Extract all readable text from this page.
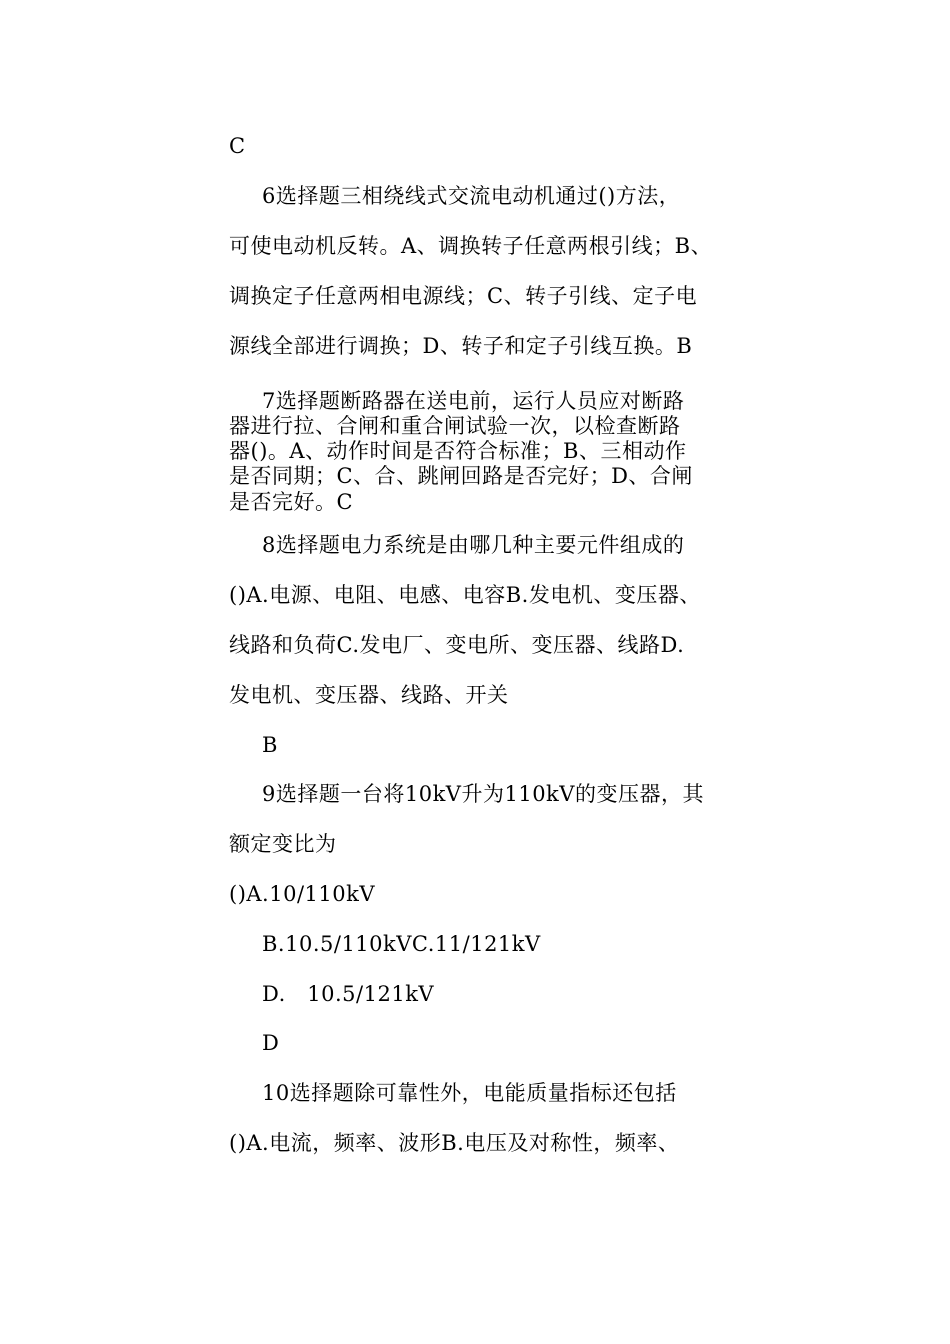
C
6选择题三相绕线式交流电动机通过()方法，
可使电动机反转。A、调换转子任意两根引线；B、
调换定子任意两相电源线；C、转子引线、定子电
源线全部进行调换；D、转子和定子引线互换。B
7选择题断路器在送电前，运行人员应对断路
器进行拉、合闸和重合闸试验一次，以检查断路
器()。A、动作时间是否符合标准；B、三相动作
是否同期；C、合、跳闸回路是否完好；D、合闸
是否完好。C
8选择题电力系统是由哪几种主要元件组成的
()A.电源、电阻、电感、电容B.发电机、变压器、
线路和负荷C.发电厂、变电所、变压器、线路D.
发电机、变压器、线路、开关
B
9选择题一台将10kV升为110kV的变压器，其
额定变比为
()A.10/110kV
B.10.5/110kVC.11/121kV
D.   10.5/121kV
D
10选择题除可靠性外，电能质量指标还包括
()A.电流，频率、波形B.电压及对称性，频率、
